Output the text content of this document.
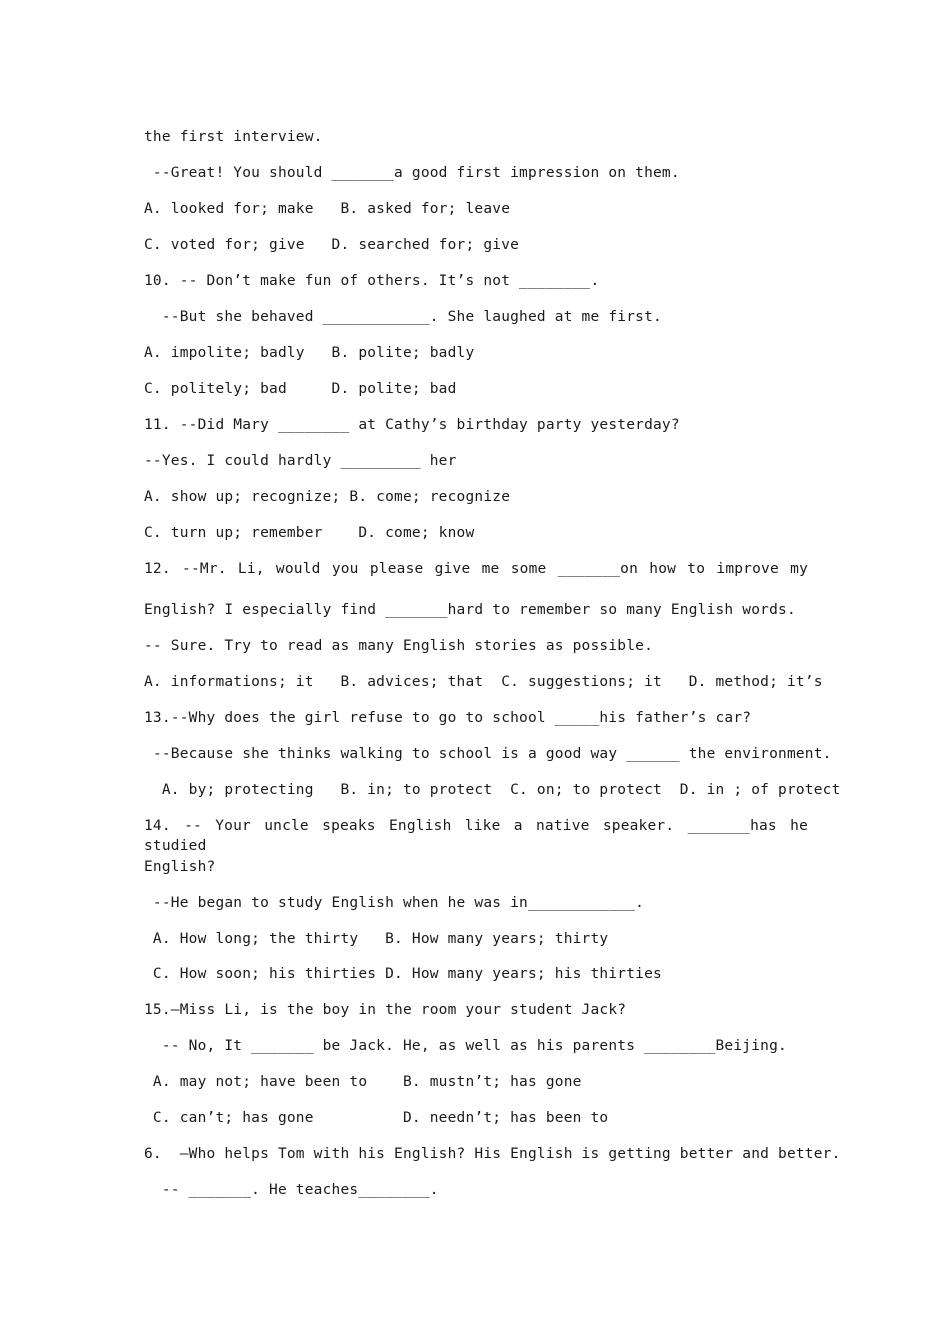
the first interview.
--Great! You should _______a good first impression on them.
A. looked for; make   B. asked for; leave
C. voted for; give   D. searched for; give
10. -- Don’t make fun of others. It’s not ________.
--But she behaved ____________. She laughed at me first.
A. impolite; badly   B. polite; badly
C. politely; bad     D. polite; bad
11. --Did Mary ________ at Cathy’s birthday party yesterday?
--Yes. I could hardly _________ her
A. show up; recognize; B. come; recognize
C. turn up; remember    D. come; know
12. --Mr. Li, would you please give me some _______on how to improve my
English? I especially find _______hard to remember so many English words.
-- Sure. Try to read as many English stories as possible.
A. informations; it   B. advices; that  C. suggestions; it   D. method; it’s
13.--Why does the girl refuse to go to school _____his father’s car?
--Because she thinks walking to school is a good way ______ the environment.
A. by; protecting   B. in; to protect  C. on; to protect  D. in ; of protect
14. -- Your uncle speaks English like a native speaker. _______has he studied
English?
--He began to study English when he was in____________.
A. How long; the thirty   B. How many years; thirty
C. How soon; his thirties D. How many years; his thirties
15.—Miss Li, is the boy in the room your student Jack?
-- No, It _______ be Jack. He, as well as his parents ________Beijing.
A. may not; have been to    B. mustn’t; has gone
C. can’t; has gone          D. needn’t; has been to
6.  –Who helps Tom with his English? His English is getting better and better.
-- _______. He teaches________.
